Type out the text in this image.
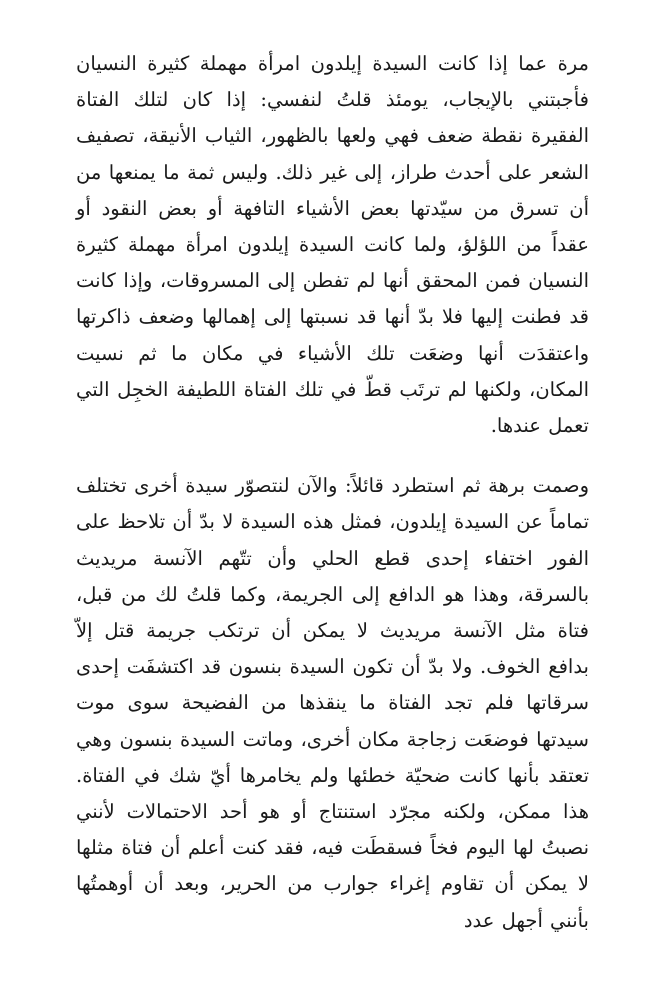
مرة عما إذا كانت السيدة إيلدون امرأة مهملة كثيرة النسيان فأجبتني بالإيجاب، يومئذ قلتُ لنفسي: إذا كان لتلك الفتاة الفقيرة نقطة ضعف فهي ولعها بالظهور، الثياب الأنيقة، تصفيف الشعر على أحدث طراز، إلى غير ذلك. وليس ثمة ما يمنعها من أن تسرق من سيّدتها بعض الأشياء التافهة أو بعض النقود أو عقداً من اللؤلؤ، ولما كانت السيدة إيلدون امرأة مهملة كثيرة النسيان فمن المحقق أنها لم تفطن إلى المسروقات، وإذا كانت قد فطنت إليها فلا بدّ أنها قد نسبتها إلى إهمالها وضعف ذاكرتها واعتقدَت أنها وضعَت تلك الأشياء في مكان ما ثم نسيت المكان، ولكنها لم ترتَب قطّ في تلك الفتاة اللطيفة الخجِل التي تعمل عندها.

وصمت برهة ثم استطرد قائلاً: والآن لنتصوّر سيدة أخرى تختلف تماماً عن السيدة إيلدون، فمثل هذه السيدة لا بدّ أن تلاحظ على الفور اختفاء إحدى قطع الحلي وأن تتّهم الآنسة مريديث بالسرقة، وهذا هو الدافع إلى الجريمة، وكما قلتُ لك من قبل، فتاة مثل الآنسة مريديث لا يمكن أن ترتكب جريمة قتل إلاّ بدافع الخوف. ولا بدّ أن تكون السيدة بنسون قد اكتشفَت إحدى سرقاتها فلم تجد الفتاة ما ينقذها من الفضيحة سوى موت سيدتها فوضعَت زجاجة مكان أخرى، وماتت السيدة بنسون وهي تعتقد بأنها كانت ضحيّة خطئها ولم يخامرها أيّ شك في الفتاة. هذا ممكن، ولكنه مجرّد استنتاج أو هو أحد الاحتمالات لأنني نصبتُ لها اليوم فخاً فسقطَت فيه، فقد كنت أعلم أن فتاة مثلها لا يمكن أن تقاوم إغراء جوارب من الحرير، وبعد أن أوهمتُها بأنني أجهل عدد
